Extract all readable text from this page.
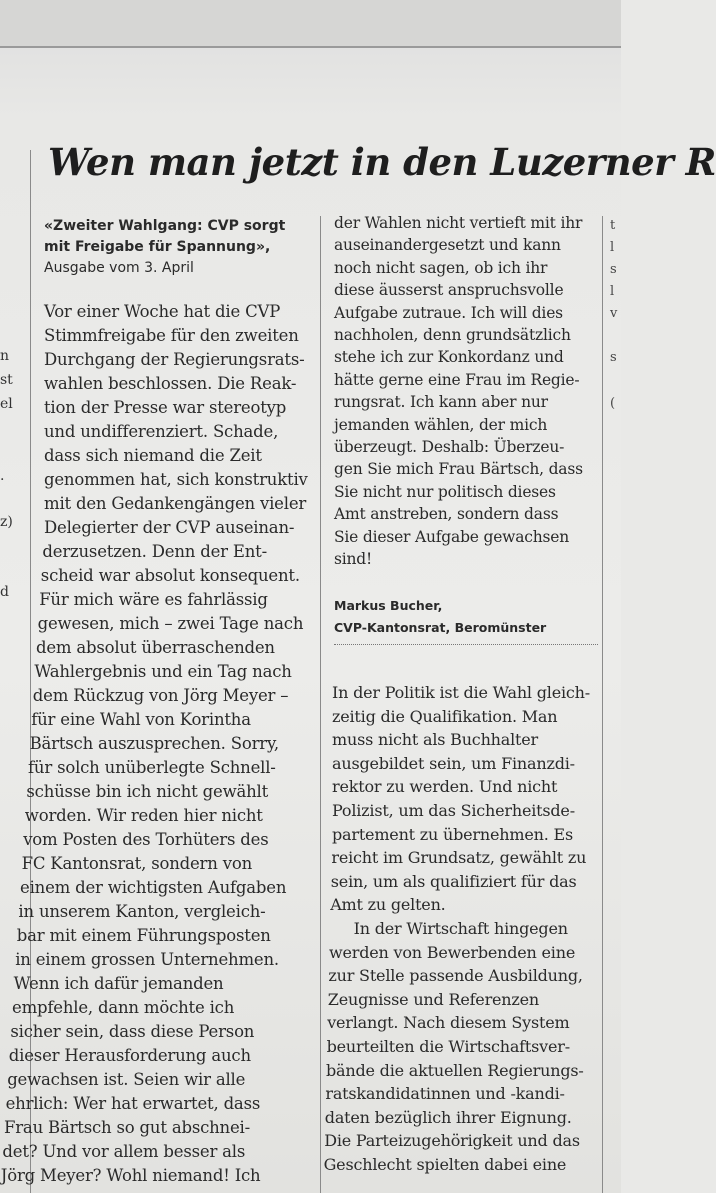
Wen man jetzt in den Luzerner R
n
st
el
.
z)
d
t
l
s
l
v
s
(
«Zweiter Wahlgang: CVP sorgt
mit Freigabe für Spannung»,
Ausgabe vom 3. April
Vor einer Woche hat die CVP
Stimmfreigabe für den zweiten
Durchgang der Regierungsrats-
wahlen beschlossen. Die Reak-
tion der Presse war stereotyp
und undifferenziert. Schade,
dass sich niemand die Zeit
genommen hat, sich konstruktiv
mit den Gedankengängen vieler
Delegierter der CVP auseinan-
derzusetzen. Denn der Ent-
scheid war absolut konsequent.
Für mich wäre es fahrlässig
gewesen, mich – zwei Tage nach
dem absolut überraschenden
Wahlergebnis und ein Tag nach
dem Rückzug von Jörg Meyer –
für eine Wahl von Korintha
Bärtsch auszusprechen. Sorry,
für solch unüberlegte Schnell-
schüsse bin ich nicht gewählt
worden. Wir reden hier nicht
vom Posten des Torhüters des
FC Kantonsrat, sondern von
einem der wichtigsten Aufgaben
in unserem Kanton, vergleich-
bar mit einem Führungsposten
in einem grossen Unternehmen.
Wenn ich dafür jemanden
empfehle, dann möchte ich
sicher sein, dass diese Person
dieser Herausforderung auch
gewachsen ist. Seien wir alle
ehrlich: Wer hat erwartet, dass
Frau Bärtsch so gut abschnei-
det? Und vor allem besser als
Jörg Meyer? Wohl niemand! Ich
der Wahlen nicht vertieft mit ihr
auseinandergesetzt und kann
noch nicht sagen, ob ich ihr
diese äusserst anspruchsvolle
Aufgabe zutraue. Ich will dies
nachholen, denn grundsätzlich
stehe ich zur Konkordanz und
hätte gerne eine Frau im Regie-
rungsrat. Ich kann aber nur
jemanden wählen, der mich
überzeugt. Deshalb: Überzeu-
gen Sie mich Frau Bärtsch, dass
Sie nicht nur politisch dieses
Amt anstreben, sondern dass
Sie dieser Aufgabe gewachsen
sind!
Markus Bucher,
CVP-Kantonsrat, Beromünster
In der Politik ist die Wahl gleich-
zeitig die Qualifikation. Man
muss nicht als Buchhalter
ausgebildet sein, um Finanzdi-
rektor zu werden. Und nicht
Polizist, um das Sicherheitsde-
partement zu übernehmen. Es
reicht im Grundsatz, gewählt zu
sein, um als qualifiziert für das
Amt zu gelten.
In der Wirtschaft hingegen
werden von Bewerbenden eine
zur Stelle passende Ausbildung,
Zeugnisse und Referenzen
verlangt. Nach diesem System
beurteilten die Wirtschaftsver-
bände die aktuellen Regierungs-
ratskandidatinnen und -kandi-
daten bezüglich ihrer Eignung.
Die Parteizugehörigkeit und das
Geschlecht spielten dabei eine
